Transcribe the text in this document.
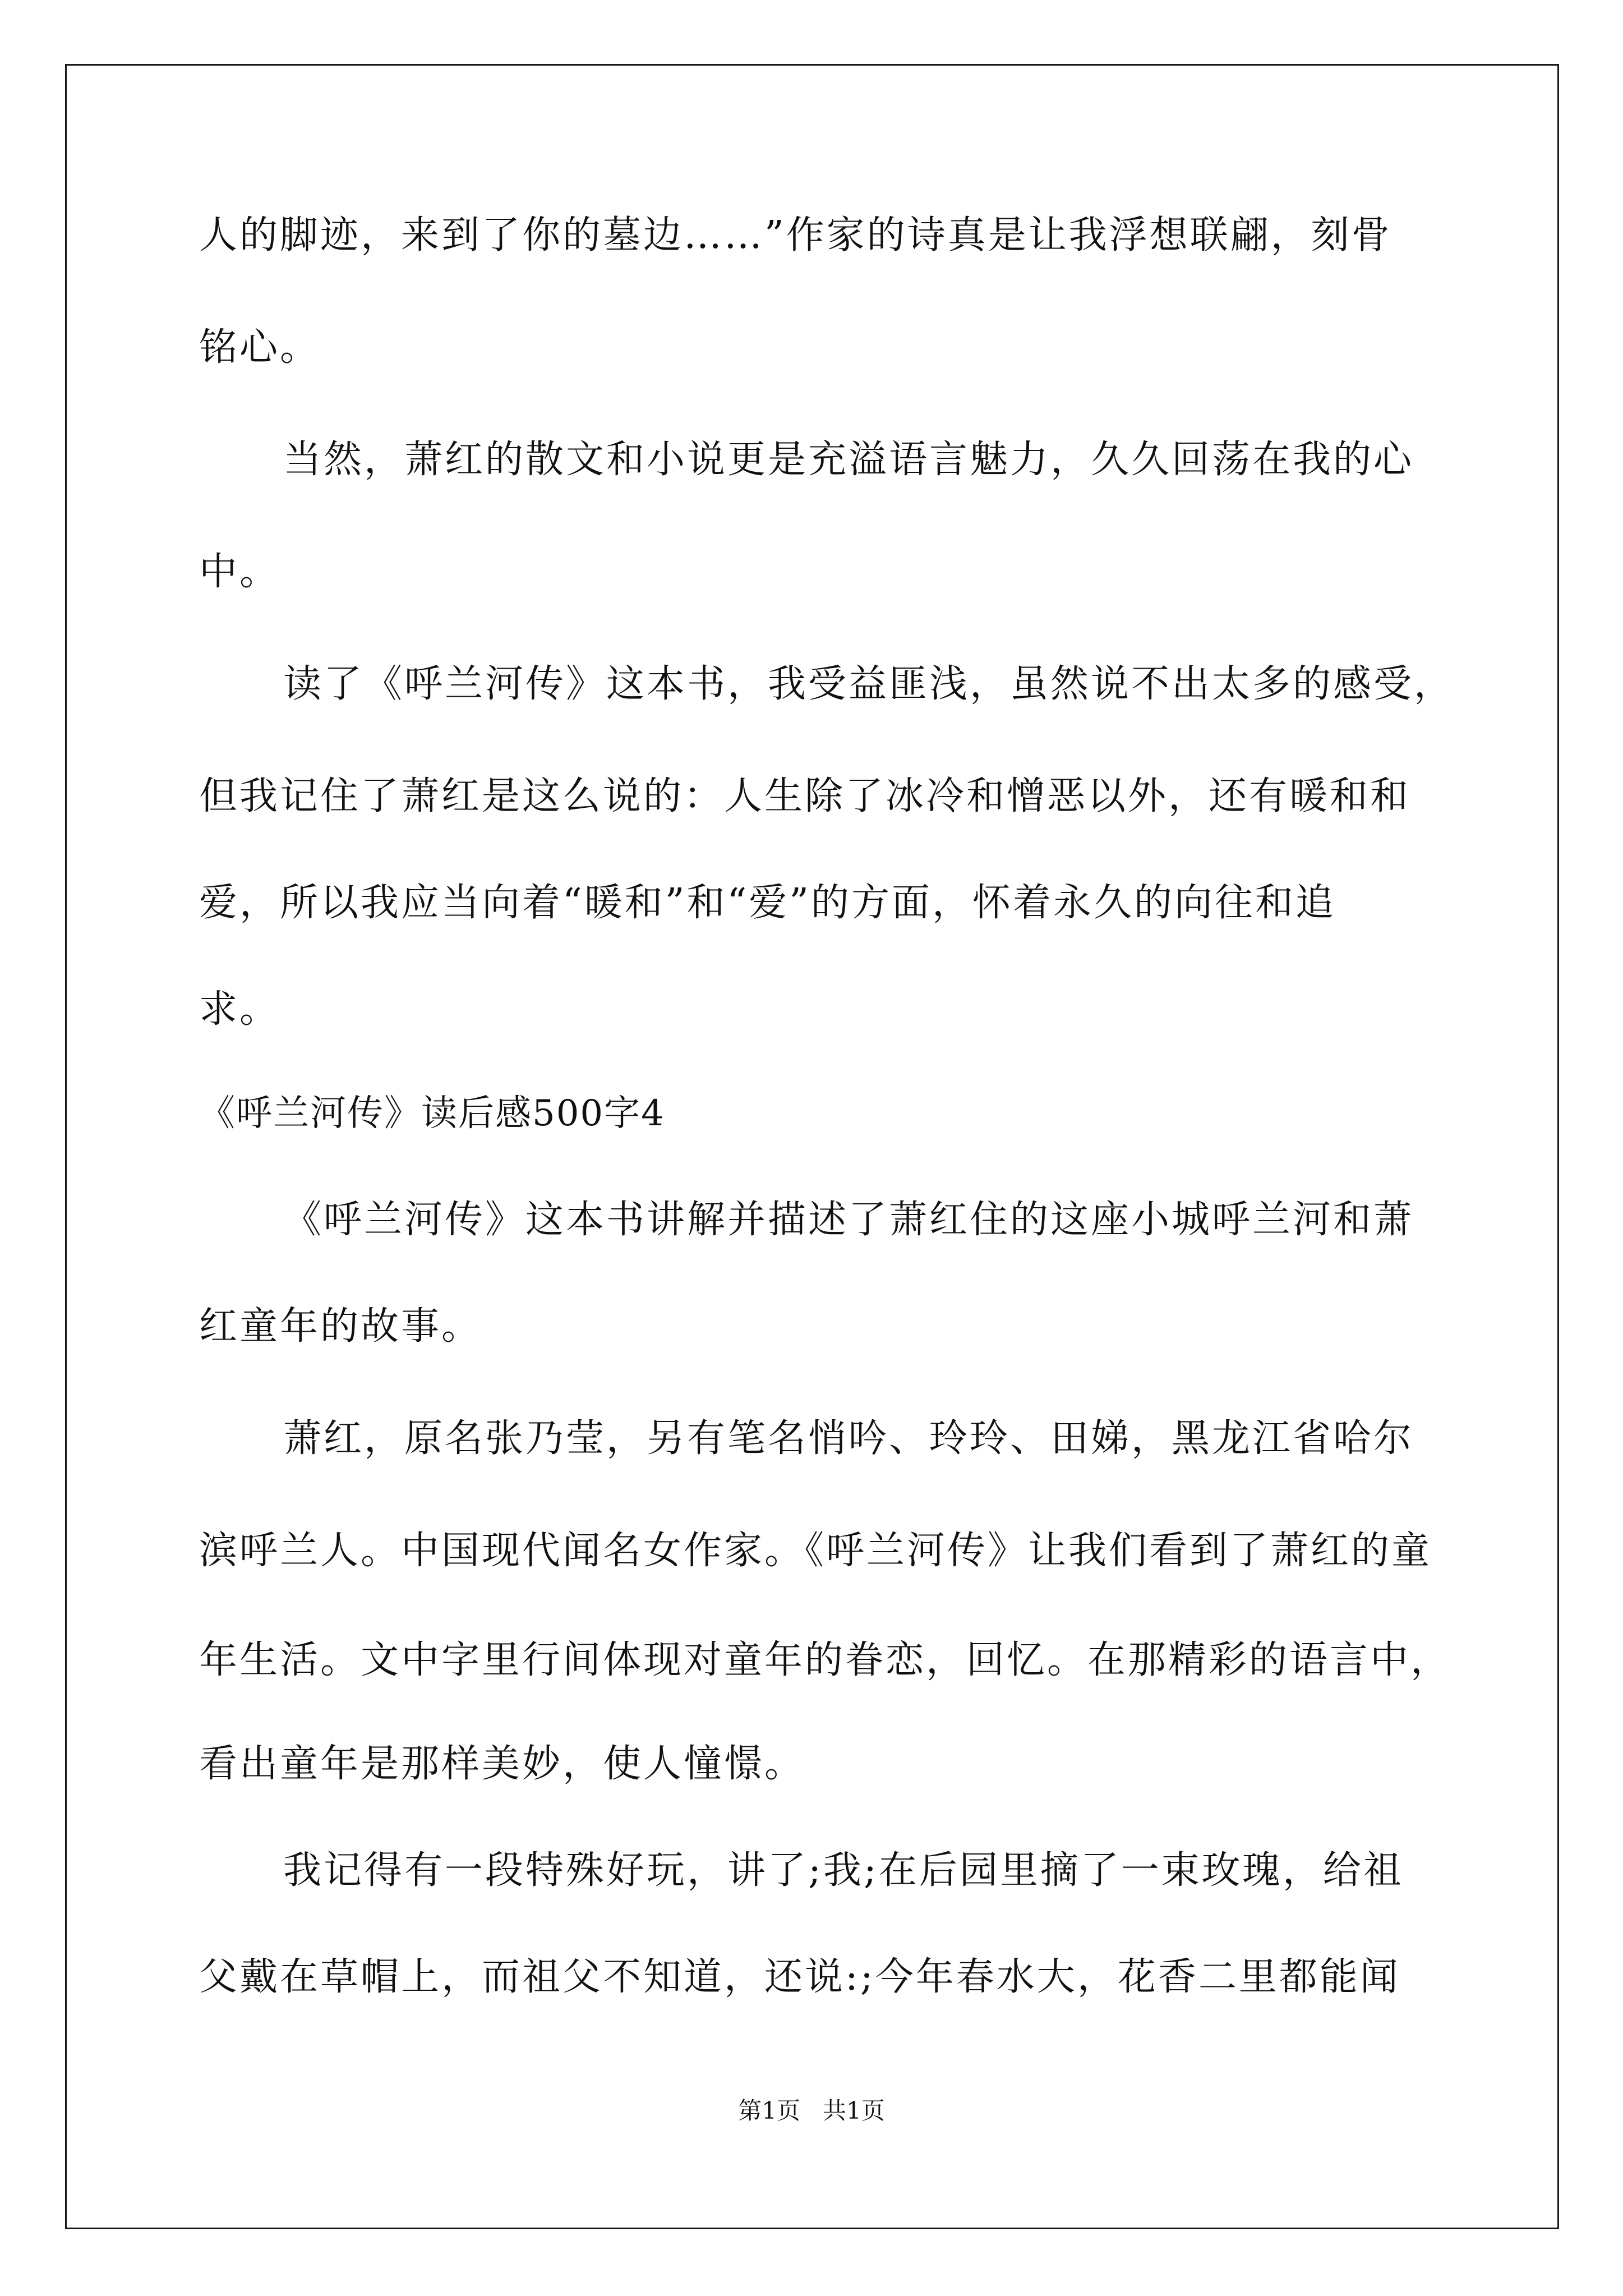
人的脚迹，来到了你的墓边……”作家的诗真是让我浮想联翩，刻骨
铭心。
当然，萧红的散文和小说更是充溢语言魅力，久久回荡在我的心
中。
读了《呼兰河传》这本书，我受益匪浅，虽然说不出太多的感受，
但我记住了萧红是这么说的：人生除了冰冷和憎恶以外，还有暖和和
爱，所以我应当向着“暖和”和“爱”的方面，怀着永久的向往和追
求。
《呼兰河传》读后感500字4
《呼兰河传》这本书讲解并描述了萧红住的这座小城呼兰河和萧
红童年的故事。
萧红，原名张乃莹，另有笔名悄吟、玲玲、田娣，黑龙江省哈尔
滨呼兰人。中国现代闻名女作家。《呼兰河传》让我们看到了萧红的童
年生活。文中字里行间体现对童年的眷恋，回忆。在那精彩的语言中，
看出童年是那样美妙，使人憧憬。
我记得有一段特殊好玩，讲了;我;在后园里摘了一束玫瑰，给祖
父戴在草帽上，而祖父不知道，还说:;今年春水大，花香二里都能闻
第1页   共1页
